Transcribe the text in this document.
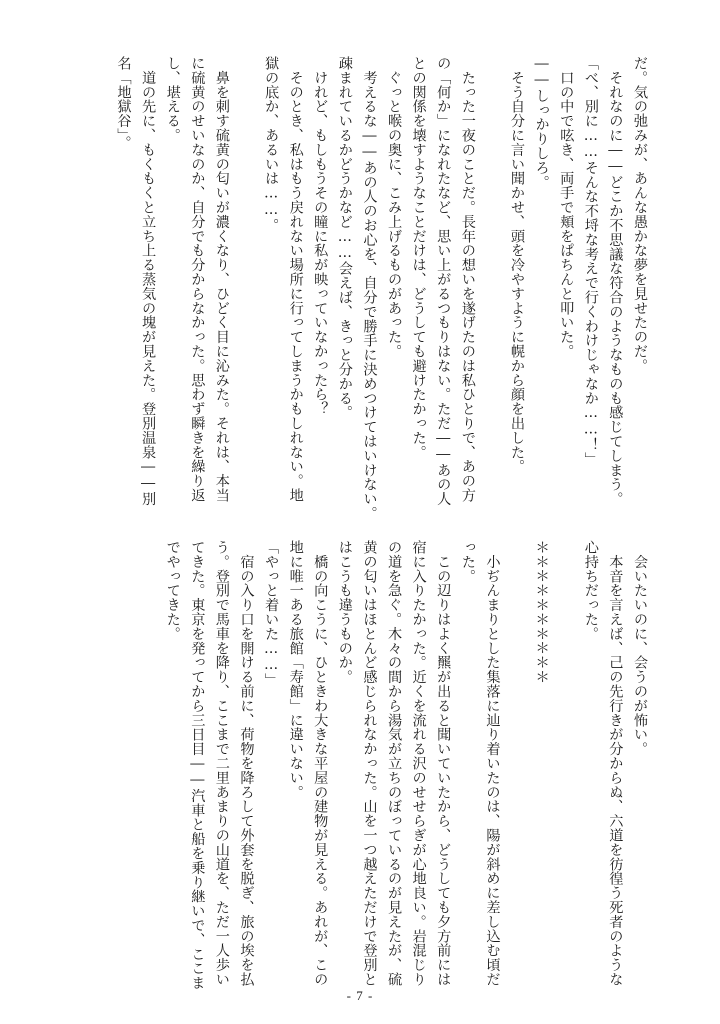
だ。気の弛みが、あんな愚かな夢を見せたのだ。
　それなのに――どこか不思議な符合のようなものも感じてしまう。
「べ、別に……そんな不埒な考えで行くわけじゃなか……！」
　口の中で呟き、両手で頬をぱちんと叩いた。
――しっかりしろ。
　そう自分に言い聞かせ、頭を冷やすように幌から顔を出した。

　たった一夜のことだ。長年の想いを遂げたのは私ひとりで、あの方
の「何か」になれたなど、思い上がるつもりはない。ただ――あの人
との関係を壊すようなことだけは、どうしても避けたかった。
　ぐっと喉の奥に、こみ上げるものがあった。
　考えるな――あの人のお心を、自分で勝手に決めつけてはいけない。
疎まれているかどうかなど……会えば、きっと分かる。
　けれど、もしもうその瞳に私が映っていなかったら？
　そのとき、私はもう戻れない場所に行ってしまうかもしれない。地
獄の底か、あるいは……。

　鼻を刺す硫黄の匂いが濃くなり、ひどく目に沁みた。それは、本当
に硫黄のせいなのか、自分でも分からなかった。思わず瞬きを繰り返
し、堪える。
　道の先に、もくもくと立ち上る蒸気の塊が見えた。登別温泉――別
名「地獄谷」。
　会いたいのに、会うのが怖い。
　本音を言えば、己の先行きが分からぬ、六道を彷徨う死者のような
心持ちだった。

＊＊＊＊＊＊＊＊＊＊

　小ぢんまりとした集落に辿り着いたのは、陽が斜めに差し込む頃だ
った。
　この辺りはよく羆が出ると聞いていたから、どうしても夕方前には
宿に入りたかった。近くを流れる沢のせせらぎが心地良い。岩混じり
の道を急ぐ。木々の間から湯気が立ちのぼっているのが見えたが、硫
黄の匂いはほとんど感じられなかった。山を一つ越えただけで登別と
はこうも違うものか。
　橋の向こうに、ひときわ大きな平屋の建物が見える。あれが、この
地に唯一ある旅館「寿館」に違いない。
「やっと着いた……」
　宿の入り口を開ける前に、荷物を降ろして外套を脱ぎ、旅の埃を払
う。登別で馬車を降り、ここまで二里あまりの山道を、ただ一人歩い
てきた。東京を発ってから三日目――汽車と船を乗り継いで、ここま
でやってきた。
- 7 -
